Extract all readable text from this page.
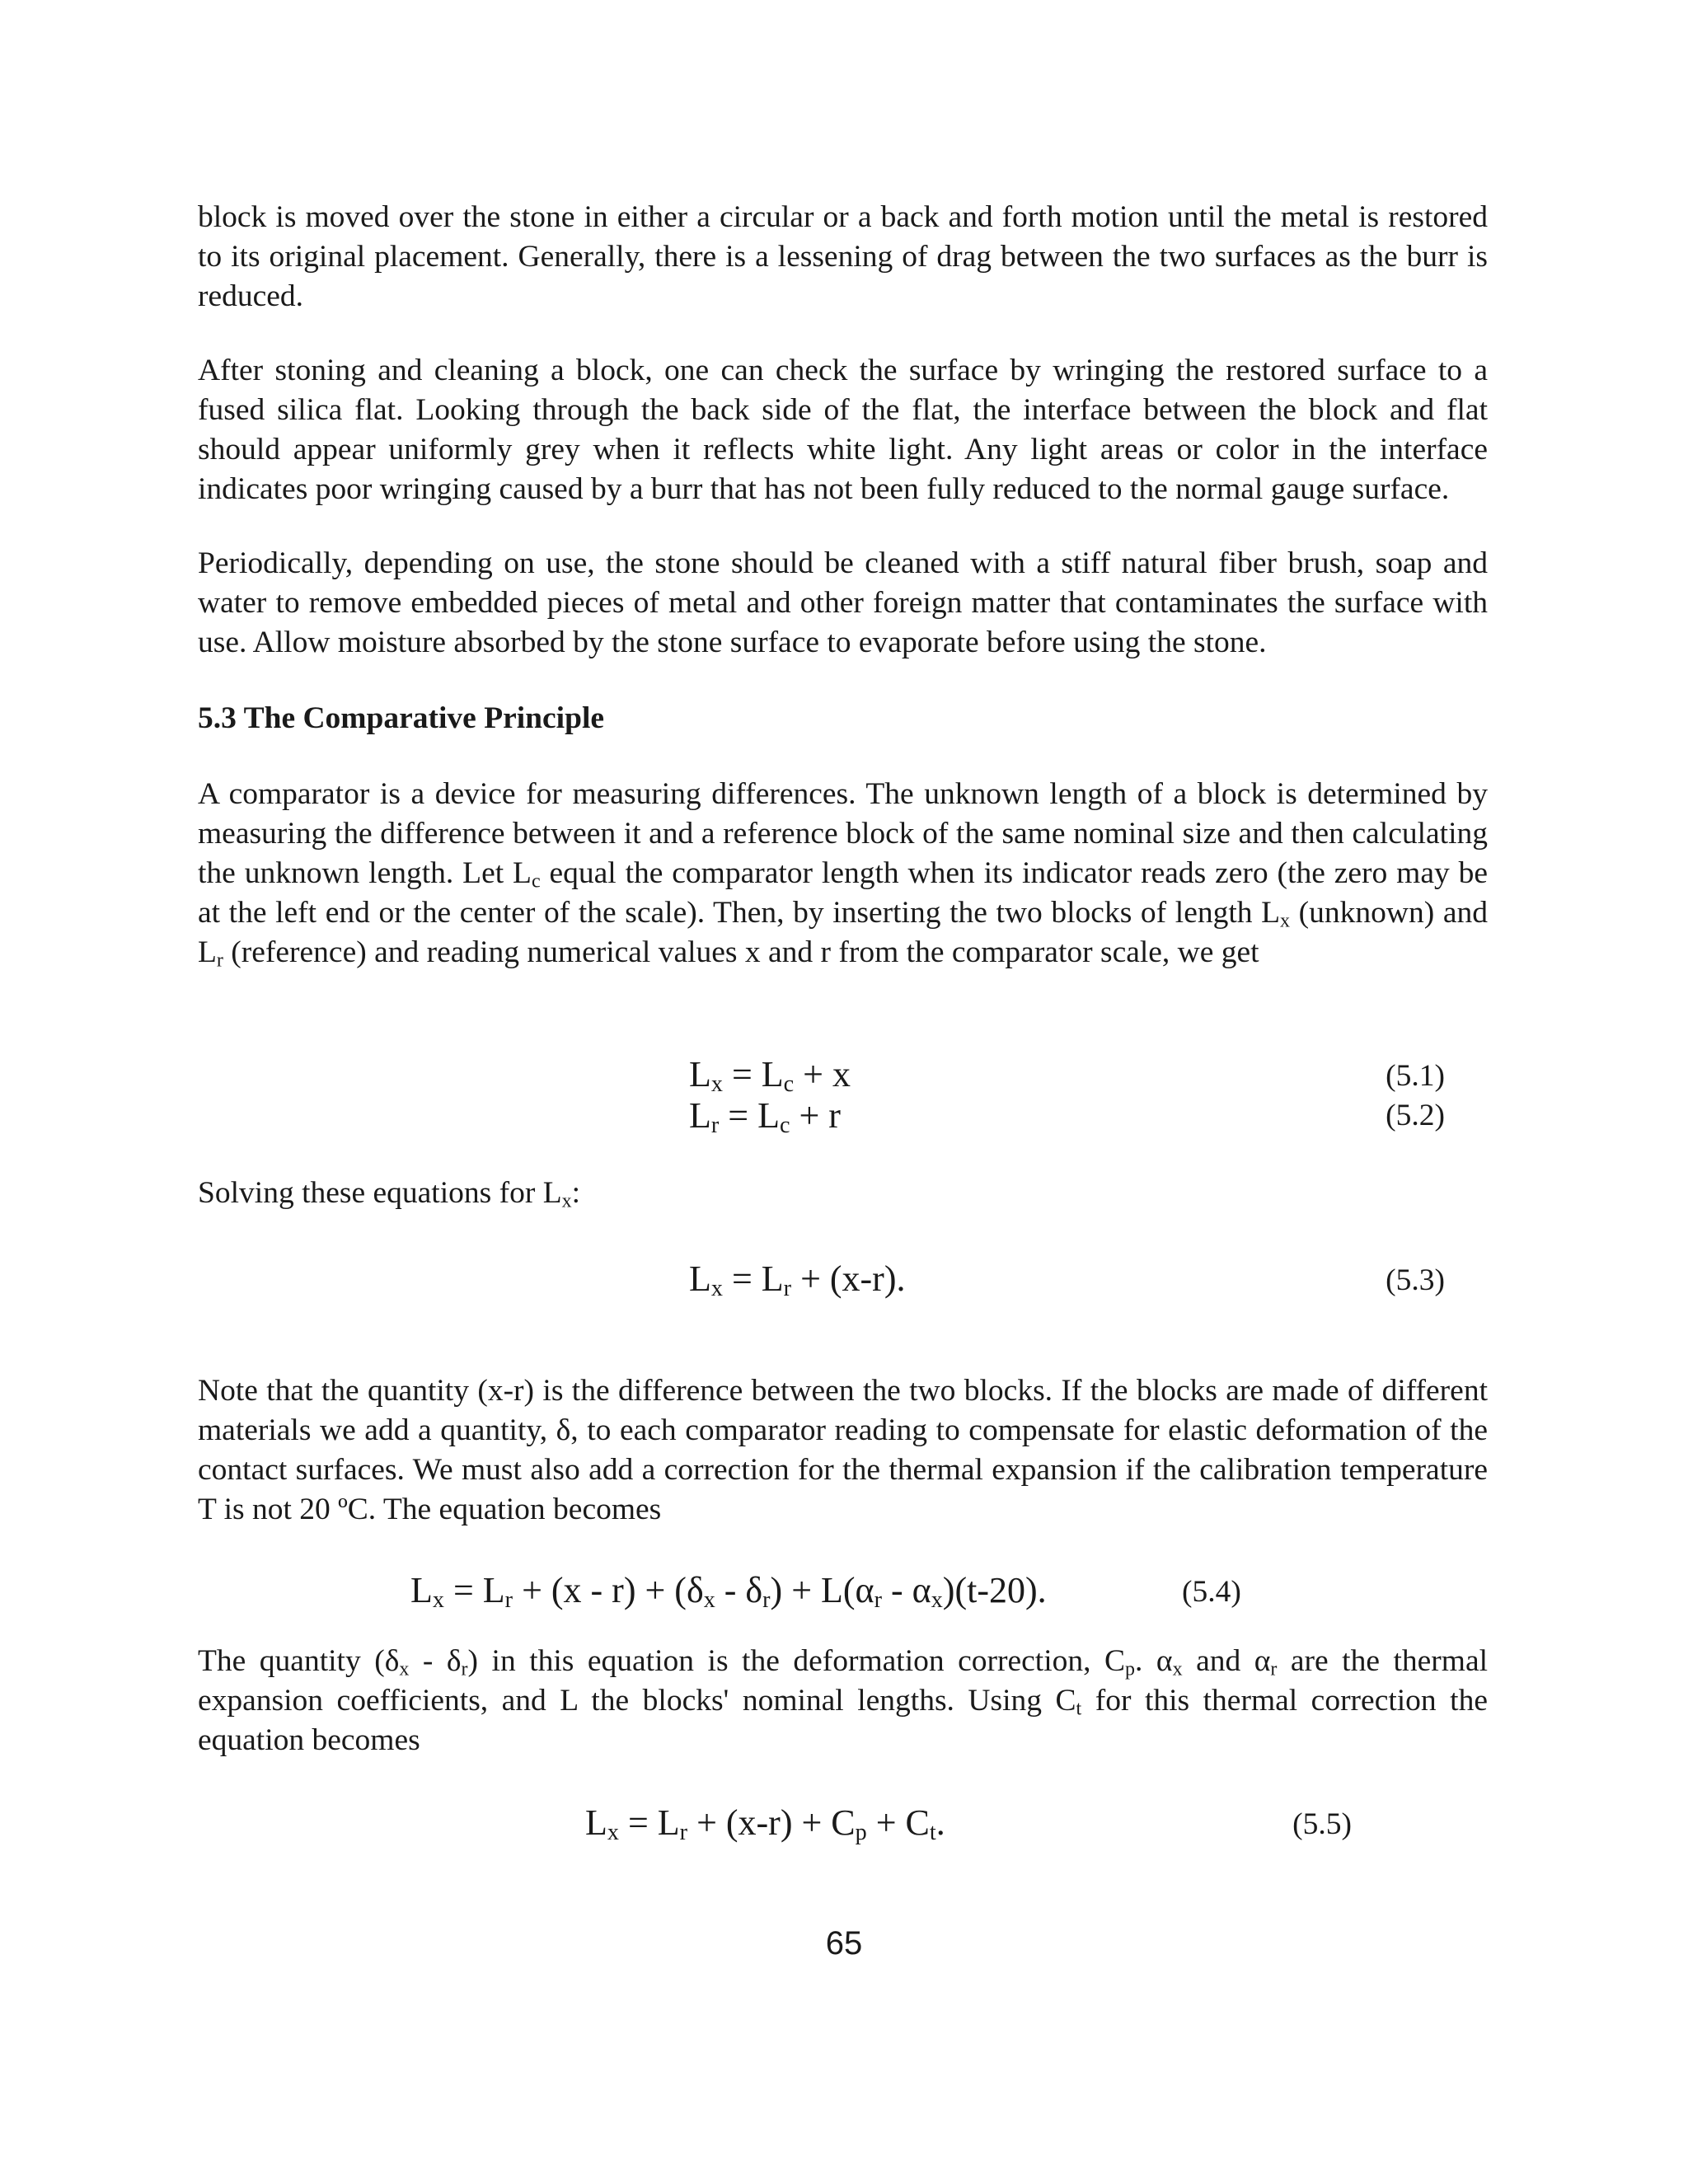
block is moved over the stone in either a circular or a back and forth motion until the metal is restored to its original placement. Generally, there is a lessening of drag between the two surfaces as the burr is reduced.

After stoning and cleaning a block, one can check the surface by wringing the restored surface to a fused silica flat. Looking through the back side of the flat, the interface between the block and flat should appear uniformly grey when it reflects white light. Any light areas or color in the interface indicates poor wringing caused by a burr that has not been fully reduced to the normal gauge surface.

Periodically, depending on use, the stone should be cleaned with a stiff natural fiber brush, soap and water to remove embedded pieces of metal and other foreign matter that contaminates the surface with use. Allow moisture absorbed by the stone surface to evaporate before using the stone.

5.3 The Comparative Principle

A comparator is a device for measuring differences. The unknown length of a block is determined by measuring the difference between it and a reference block of the same nominal size and then calculating the unknown length. Let $L_c$ equal the comparator length when its indicator reads zero (the zero may be at the left end or the center of the scale). Then, by inserting the two blocks of length $L_x$ (unknown) and $L_r$ (reference) and reading numerical values x and r from the comparator scale, we get

$L_x = L_c + x$	(5.1)
$L_r = L_c + r$	(5.2)
Solving these equations for $L_x$:
$L_x = L_r + (x-r)$.	(5.3)

Note that the quantity (x-r) is the difference between the two blocks. If the blocks are made of different materials we add a quantity, δ, to each comparator reading to compensate for elastic deformation of the contact surfaces. We must also add a correction for the thermal expansion if the calibration temperature T is not 20 ºC. The equation becomes

$L_x = L_r + (x - r) + (\delta_x - \delta_r) + L(\alpha_r - \alpha_x)(t-20)$.	(5.4)

The quantity $(\delta_x - \delta_r)$ in this equation is the deformation correction, $C_p$. $\alpha_x$ and $\alpha_r$ are the thermal expansion coefficients, and L the blocks' nominal lengths. Using $C_t$ for this thermal correction the equation becomes

$L_x = L_r + (x-r) + C_p + C_t$.	(5.5)
65
